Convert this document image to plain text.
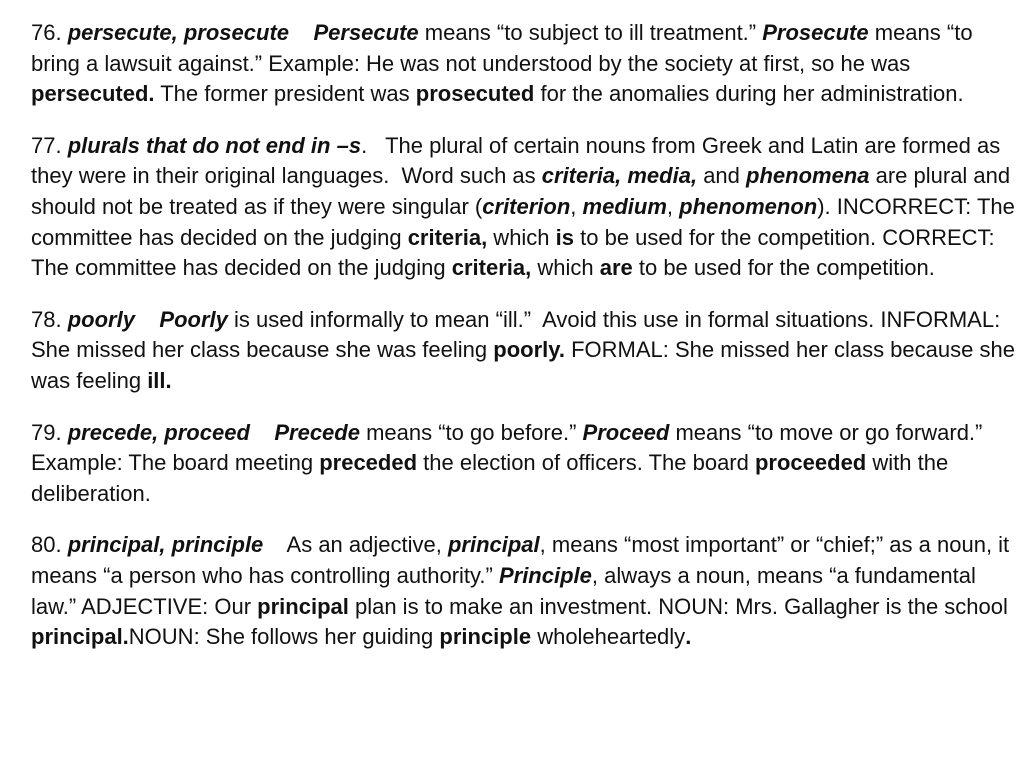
76. persecute, prosecute Persecute means “to subject to ill treatment.” Prosecute means “to bring a lawsuit against.” Example: He was not understood by the society at first, so he was persecuted. The former president was prosecuted for the anomalies during her administration.

77. plurals that do not end in –s.   The plural of certain nouns from Greek and Latin are formed as they were in their original languages.  Word such as criteria, media, and phenomena are plural and should not be treated as if they were singular (criterion, medium, phenomenon). INCORRECT: The committee has decided on the judging criteria, which is to be used for the competition. CORRECT: The committee has decided on the judging criteria, which are to be used for the competition.

78. poorly Poorly is used informally to mean “ill.”  Avoid this use in formal situations. INFORMAL: She missed her class because she was feeling poorly. FORMAL: She missed her class because she was feeling ill.

79. precede, proceed Precede means “to go before.” Proceed means “to move or go forward.” Example: The board meeting preceded the election of officers. The board proceeded with the deliberation.

80. principal, principle    As an adjective, principal, means “most important” or “chief;” as a noun, it means “a person who has controlling authority.” Principle, always a noun, means “a fundamental law.” ADJECTIVE: Our principal plan is to make an investment. NOUN: Mrs. Gallagher is the school principal.NOUN: She follows her guiding principle wholeheartedly.
